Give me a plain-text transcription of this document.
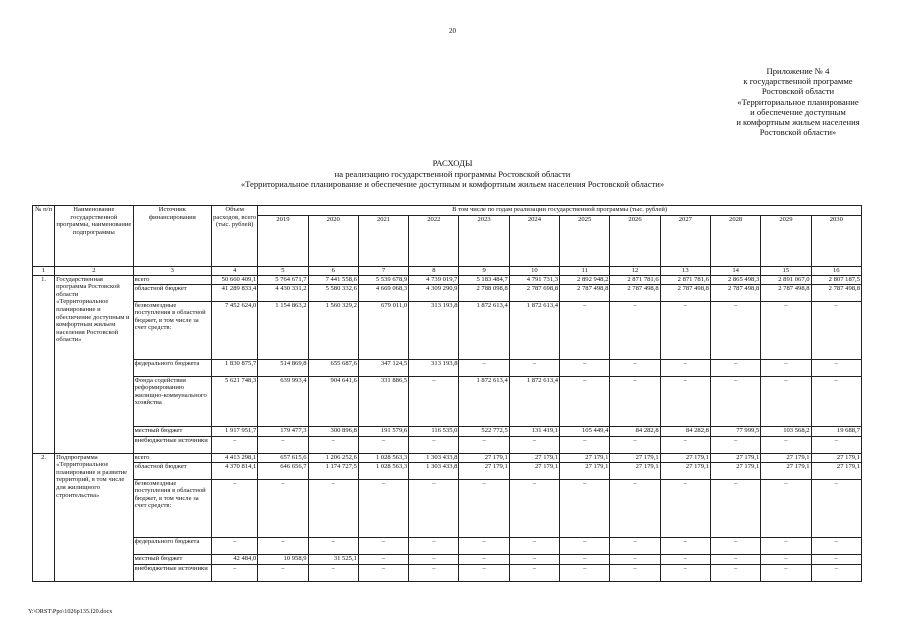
20
Приложение № 4
к государственной программе
Ростовской области
«Территориальное планирование
и обеспечение доступным
и комфортным жильем населения
Ростовской области»
РАСХОДЫ
на реализацию государственной программы Ростовской области
«Территориальное планирование и обеспечение доступным и комфортным жильем населения Ростовской области»
№ п/п	Наименование государственной программы, наименование подпрограммы	Источник финансирования	Объем расходов, всего (тыс. рублей)	В том числе по годам реализации государственной программы (тыс. рублей)											
				2019	2020	2021	2022	2023	2024	2025	2026	2027	2028	2029	2030
1	2	3	4	5	6	7	8	9	10	11	12	13	14	15	16
1.	Государственная программа Ростовской области «Территориальное планирование и обеспечение доступным и комфортным жильем населения Ростовской области»	всего	50 660 409,1	5 764 671,7	7 441 558,6	5 539 678,9	4 739 019,7	5 183 484,7	4 791 731,3	2 892 948,2	2 871 781,6	2 871 781,6	2 865 498,3	2 891 067,0	2 807 187,5
		областной бюджет	41 289 833,4	4 430 331,2	5 580 332,6	4 669 068,3	4 309 290,9	2 788 098,8	2 787 698,8	2 787 498,8	2 787 498,8	2 787 498,8	2 787 498,8	2 787 498,8	2 787 498,8
		безвозмездные поступления в областной бюджет, в том числе за счет средств:	7 452 624,0	1 154 863,2	1 560 329,2	679 011,0	313 193,8	1 872 613,4	1 872 613,4	–	–	–	–	–	–
		федерального бюджета	1 830 875,7	514 869,8	655 687,6	347 124,5	313 193,8	–	–	–	–	–	–	–	–
		Фонда содействия реформированию жилищно-коммунального хозяйства	5 621 748,3	639 993,4	904 641,6	331 886,5	–	1 872 613,4	1 872 613,4	–	–	–	–	–	–
		местный бюджет	1 917 951,7	179 477,3	300 896,8	191 579,6	116 535,0	522 772,5	131 419,1	105 449,4	84 282,8	84 282,8	77 999,5	103 568,2	19 688,7
		внебюджетные источники	–	–	–	–	–	–	–	–	–	–	–	–	–
2.	Подпрограмма «Территориальное планирование и развитие территорий, в том числе для жилищного строительства»	всего	4 413 298,1	657 615,6	1 206 252,6	1 028 563,3	1 303 433,8	27 179,1	27 179,1	27 179,1	27 179,1	27 179,1	27 179,1	27 179,1	27 179,1
		областной бюджет	4 370 814,1	646 656,7	1 174 727,5	1 028 563,3	1 303 433,8	27 179,1	27 179,1	27 179,1	27 179,1	27 179,1	27 179,1	27 179,1	27 179,1
		безвозмездные поступления в областной бюджет, в том числе за счет средств:	–	–	–	–	–	–	–	–	–	–	–	–	–
		федерального бюджета	–	–	–	–	–	–	–	–	–	–	–	–	–
		местный бюджет	42 484,0	10 958,9	31 525,1	–	–	–	–	–	–	–	–	–	–
		внебюджетные источники	–	–	–	–	–	–	–	–	–	–	–	–	–
Y:\ORST\Ppo\1026p135.f20.docx
